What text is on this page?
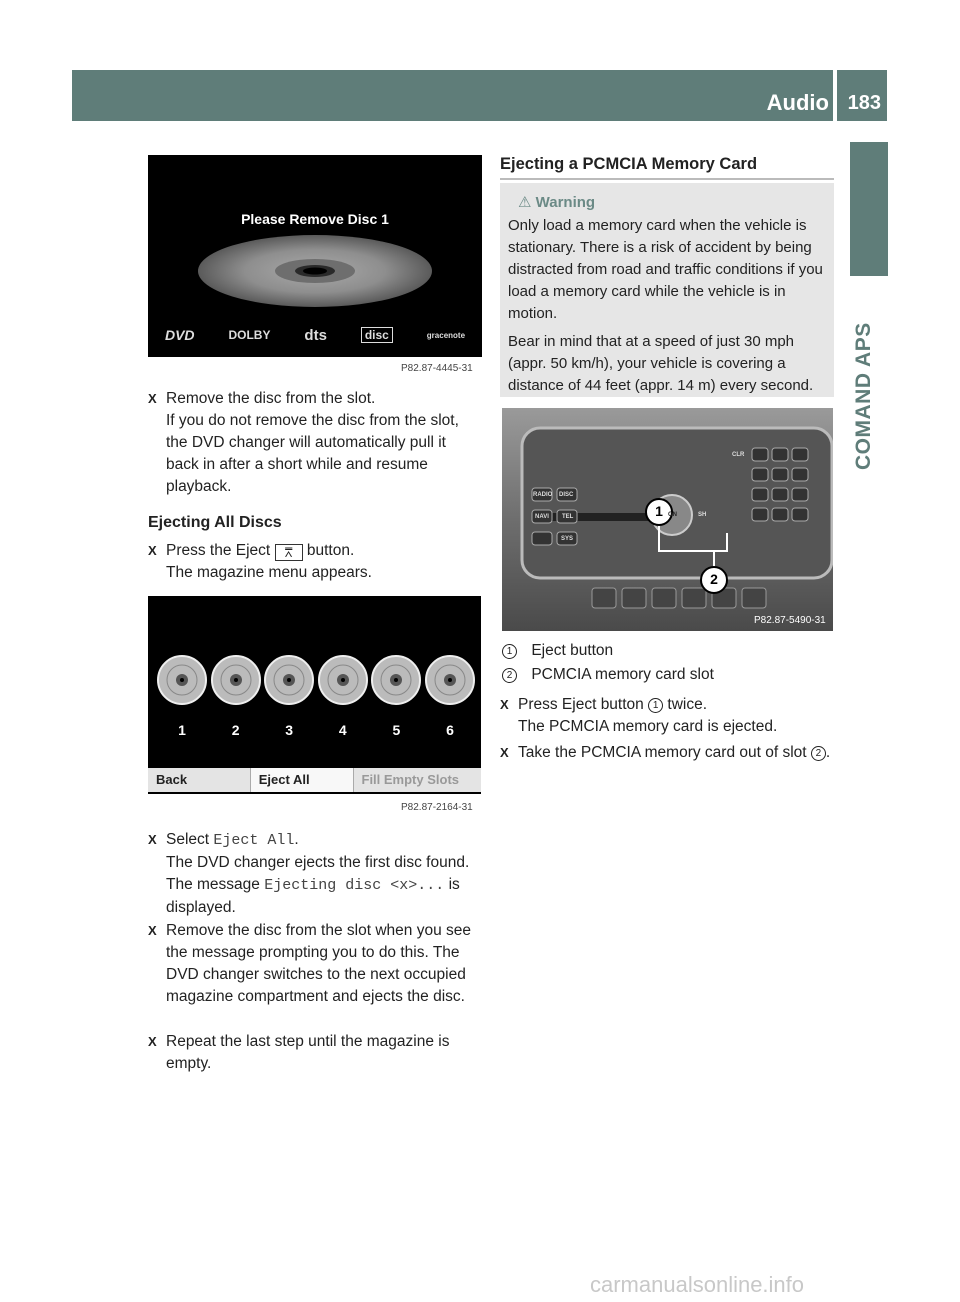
Audio 183
COMAND APS
Please Remove Disc 1
DVD	DOLBY dts	disc	gracenote
P82.87-4445-31
X Remove the disc from the slot.
If you do not remove the disc from the slot, the DVD changer will automatically pull it back in after a short while and resume playback.
Ejecting All Discs
X Press the Eject ⩞ button.
The magazine menu appears.
1	2	3	4	5	6
Back	Eject All	Fill Empty Slots
P82.87-2164-31
X Select Eject All.
The DVD changer ejects the first disc found. The message Ejecting disc <x>... is displayed.
X Remove the disc from the slot when you see the message prompting you to do this. The DVD changer switches to the next occupied magazine compartment and ejects the disc.
X Repeat the last step until the magazine is empty.
Ejecting a PCMCIA Memory Card
⚠ Warning

Only load a memory card when the vehicle is stationary. There is a risk of accident by being distracted from road and traffic conditions if you load a memory card while the vehicle is in motion.

Bear in mind that at a speed of just 30 mph (appr. 50 km/h), your vehicle is covering a distance of 44 feet (appr. 14 m) every second.

1
2
RADIO DISC
NAVI TEL
SYS
CLR
ON	SH
P82.87-5490-31
1 Eject button
2 PCMCIA memory card slot
X Press Eject button 1 twice.
The PCMCIA memory card is ejected.
X Take the PCMCIA memory card out of slot 2 .
carmanualsonline.info
